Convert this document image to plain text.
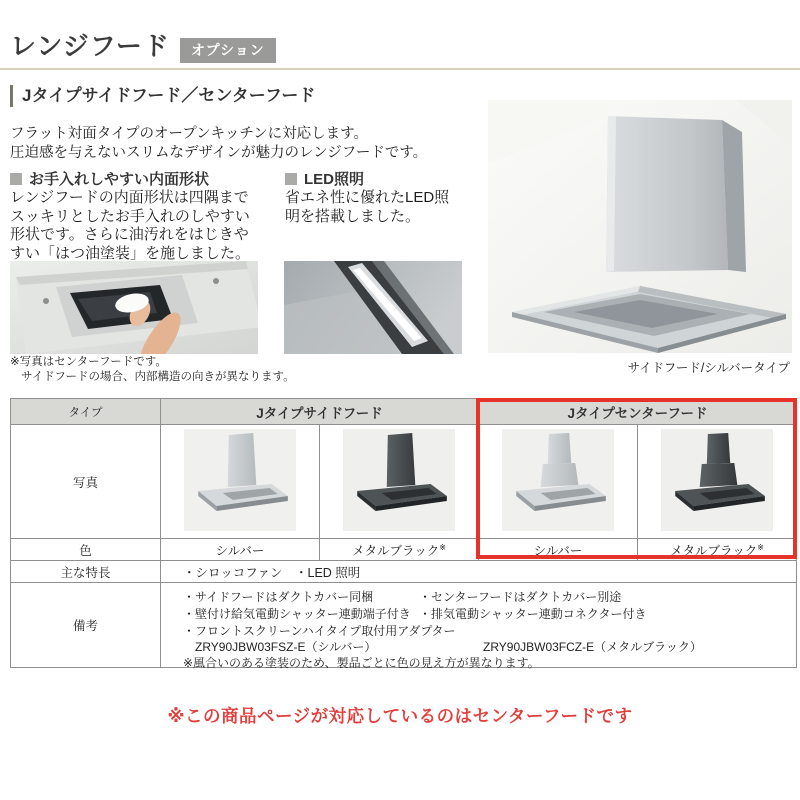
レンジフード	オプション
Jタイプサイドフード／センターフード

フラット対面タイプのオープンキッチンに対応します。
圧迫感を与えないスリムなデザインが魅力のレンジフードです。

お手入れしやすい内面形状

レンジフードの内面形状は四隅までスッキリとしたお手入れのしやすい形状です。さらに油汚れをはじきやすい「はつ油塗装」を施しました。

LED照明

省エネ性に優れたLED照明を搭載しました。

※写真はセンターフードです。
サイドフードの場合、内部構造の向きが異なります。

サイドフード/シルバータイプ

タイプ	Jタイプサイドフード		Jタイプセンターフード	
写真	

色	シルバー	メタルブラック※	シルバー	メタルブラック※
主な特長	・シロッコファン　・LED 照明			
備考	
・サイドフードはダクトカバー同梱	・センターフードはダクトカバー別途
・壁付け給気電動シャッター連動端子付き ・排気電動シャッター連動コネクター付き
・フロントスクリーンハイタイプ取付用アダプター
ZRY90JBW03FSZ-E（シルバー）	ZRY90JBW03FCZ-E（メタルブラック）
※風合いのある塗装のため、製品ごとに色の見え方が異なります。

※この商品ページが対応しているのはセンターフードです
